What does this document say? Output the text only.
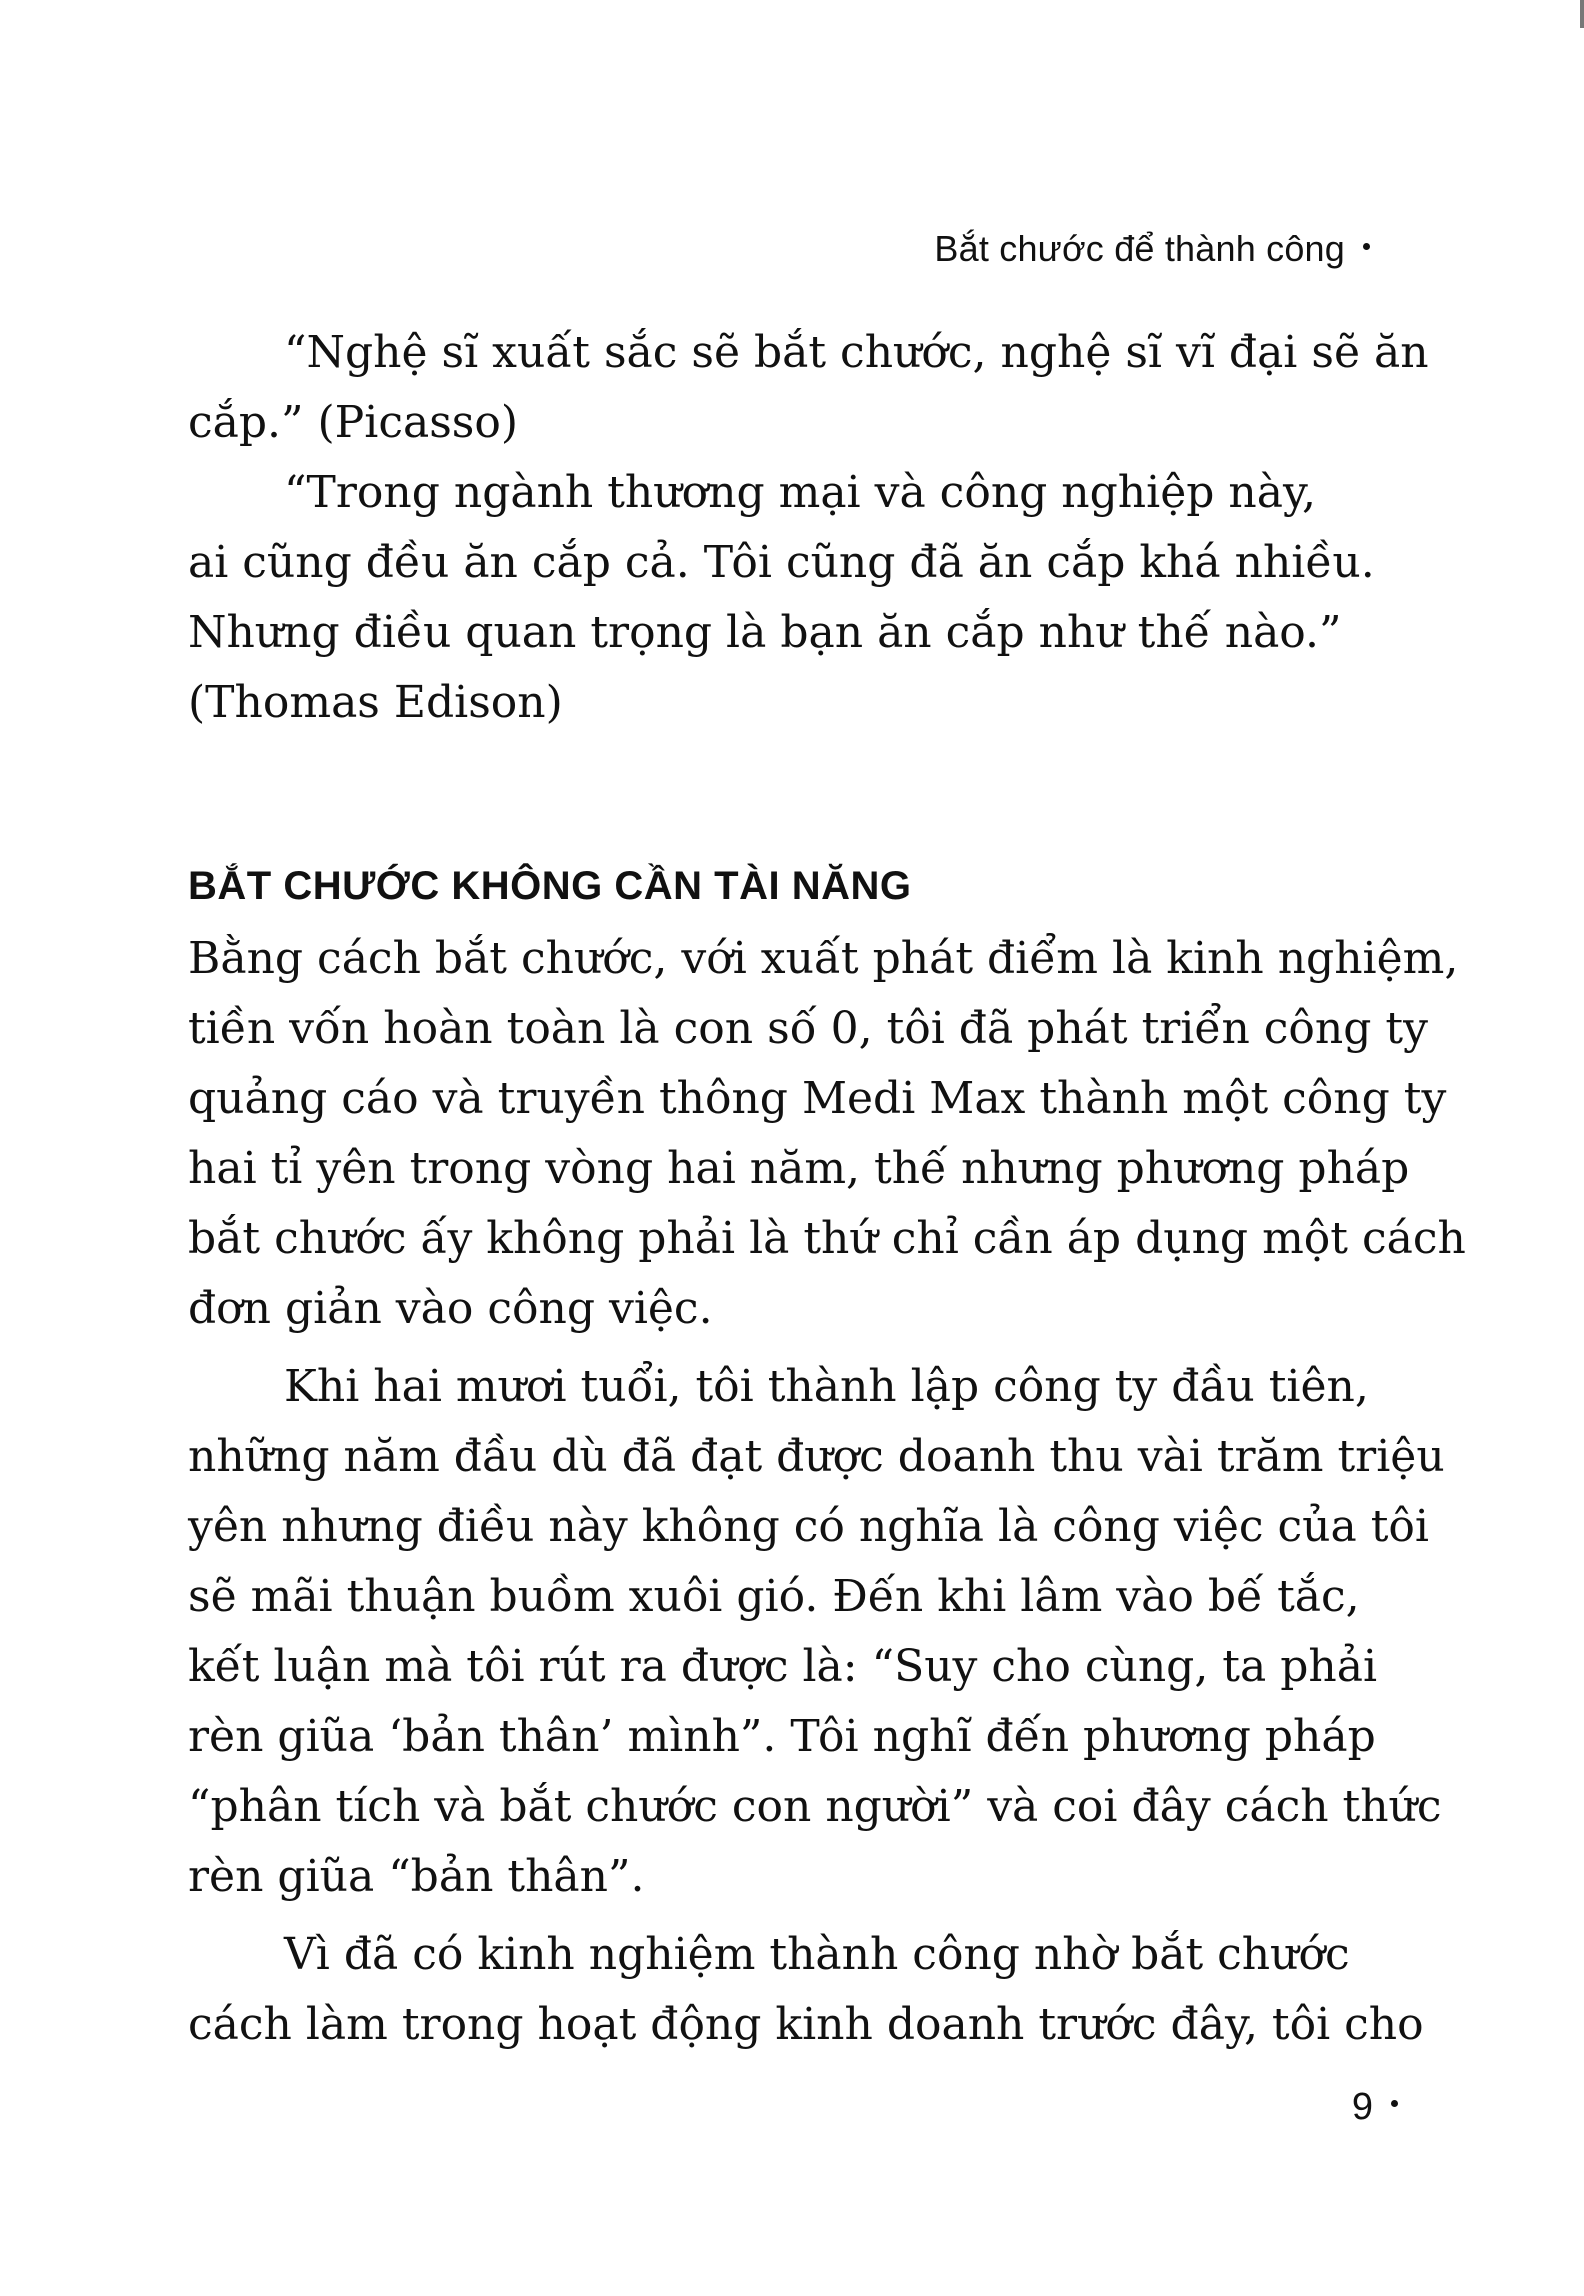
Bắt chước để thành công
“Nghệ sĩ xuất sắc sẽ bắt chước, nghệ sĩ vĩ đại sẽ ăn
cắp.” (Picasso)
“Trong ngành thương mại và công nghiệp này,
ai cũng đều ăn cắp cả. Tôi cũng đã ăn cắp khá nhiều.
Nhưng điều quan trọng là bạn ăn cắp như thế nào.”
(Thomas Edison)
BẮT CHƯỚC KHÔNG CẦN TÀI NĂNG
Bằng cách bắt chước, với xuất phát điểm là kinh nghiệm,
tiền vốn hoàn toàn là con số 0, tôi đã phát triển công ty
quảng cáo và truyền thông Medi Max thành một công ty
hai tỉ yên trong vòng hai năm, thế nhưng phương pháp
bắt chước ấy không phải là thứ chỉ cần áp dụng một cách
đơn giản vào công việc.
Khi hai mươi tuổi, tôi thành lập công ty đầu tiên,
những năm đầu dù đã đạt được doanh thu vài trăm triệu
yên nhưng điều này không có nghĩa là công việc của tôi
sẽ mãi thuận buồm xuôi gió. Đến khi lâm vào bế tắc,
kết luận mà tôi rút ra được là: “Suy cho cùng, ta phải
rèn giũa ‘bản thân’ mình”. Tôi nghĩ đến phương pháp
“phân tích và bắt chước con người” và coi đây cách thức
rèn giũa “bản thân”.
Vì đã có kinh nghiệm thành công nhờ bắt chước
cách làm trong hoạt động kinh doanh trước đây, tôi cho
9
